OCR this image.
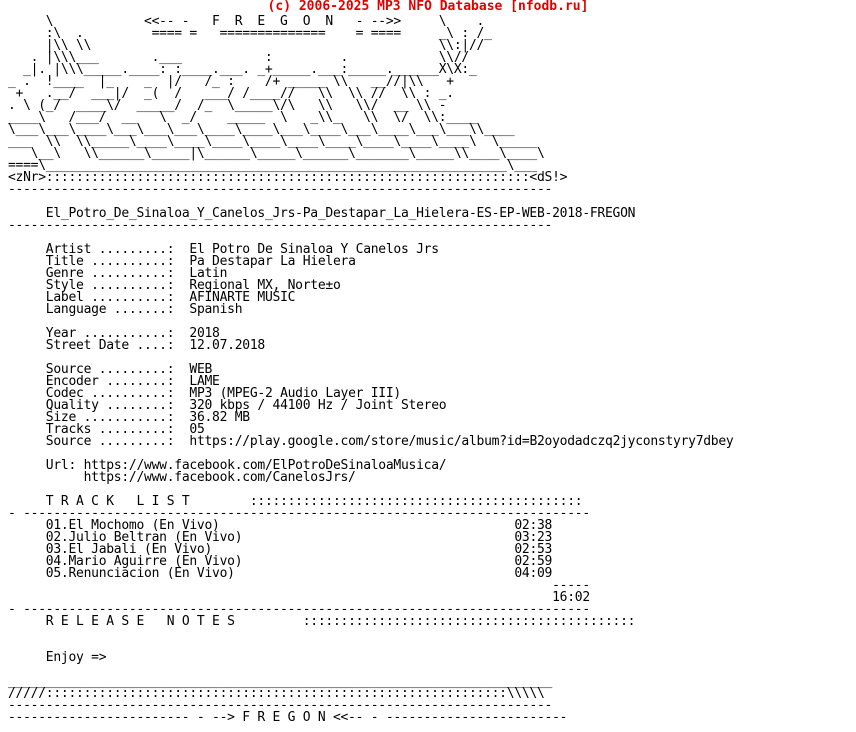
(c) 2006-2025 MP3 NFO Database [nfodb.ru]
\            <<-- -   F  R  E  G  O  N   - -->>     \    .
:\  .         ==== =   ==============    = ====     _\ : /_
|\\ \\                                              \\:|//
. |\\\___       .___           :         .            \\//
_|. |\\\_____.____: :____.___. _+_____.___:_____.______X\X:_
_ .  !____  |_    _  |/   /_ :    /+ _____ \\   __//|\\   +
+   .__/  ___|/  _(  /   ___/ /____//   \\  \\ //  \\ : _.
. \ (_/  ____\/  _____/  /_  \_____\/\   \\   \\/  __ \\ -
____\   /___/  __   \  _/    _____  \   _\\_   \\  \/  \\:____
\___\___\____\___\___\___\____\____\___\____\___\____\___\___\\____
___  \\  \\_____\____\____\____\____\____\____\____\____\____\  \_____
\__\   \\______\_____|\______\_____\______\_______\_____\\____\____\
====\_____________________________________________________________\___
<zNr>::::::::::::::::::::::::::::::::::::::::::::::::::::::::::::::::<dS!>
------------------------------------------------------------------------

El_Potro_De_Sinaloa_Y_Canelos_Jrs-Pa_Destapar_La_Hielera-ES-EP-WEB-2018-FREGON
------------------------------------------------------------------------

Artist .........: El Potro De Sinaloa Y Canelos Jrs
Title ..........: Pa Destapar La Hielera
Genre ..........: Latin
Style ..........: Regional MX, Norte±o
Label ..........: AFINARTE MUSIC
Language .......: Spanish

Year ...........: 2018
Street Date ....: 12.07.2018

Source .........: WEB
Encoder ........: LAME
Codec ..........: MP3 (MPEG-2 Audio Layer III)
Quality ........: 320 kbps / 44100 Hz / Joint Stereo
Size ...........: 36.82 MB
Tracks .........: 05
Source .........: https://play.google.com/store/music/album?id=B2oyodadczq2jyconstyry7dbey

Url: https://www.facebook.com/ElPotroDeSinaloaMusica/
https://www.facebook.com/CanelosJrs/

T R A C K   L I S T	::::::::::::::::::::::::::::::::::::::::::::
- ---------------------------------------------------------------------------
01.El Mochomo (En Vivo)	02:38
02.Julio Beltran (En Vivo)	03:23
03.El Jabali (En Vivo)	02:53
04.Mario Aguirre (En Vivo)	02:59
05.Renunciacion (En Vivo)	04:09
-----
16:02
- ---------------------------------------------------------------------------
R E L E A S E   N O T E S	::::::::::::::::::::::::::::::::::::::::::::

Enjoy =>

________________________________________________________________________
/////:::::::::::::::::::::::::::::::::::::::::::::::::::::::::::::\\\\\
------------------------------------------------------------------------
------------------------ - --> F R E G O N <<-- - ------------------------
